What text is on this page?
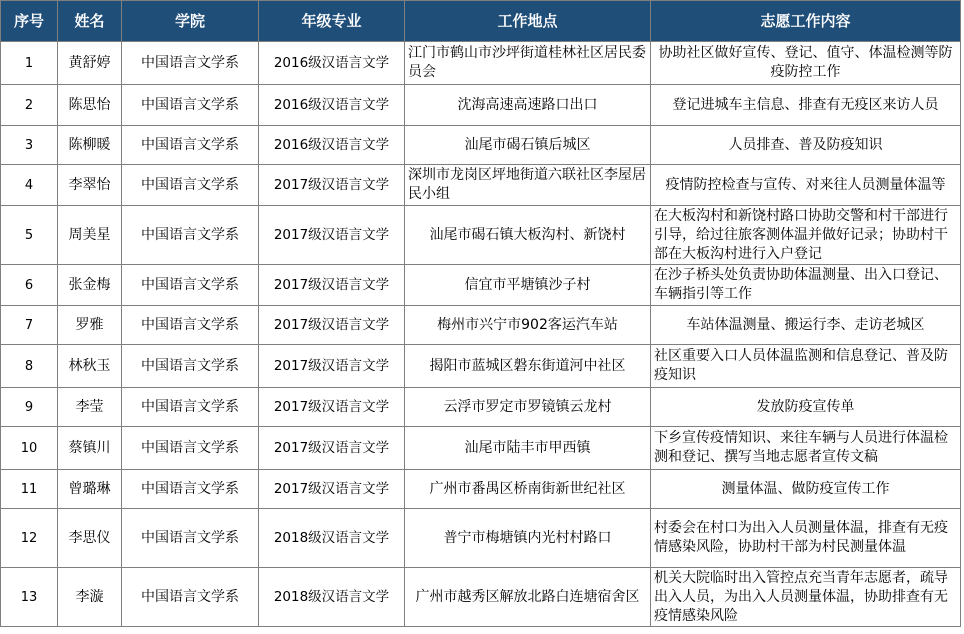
序号	姓名	学院	年级专业	工作地点	志愿工作内容
1	黄舒婷	中国语言文学系	2016级汉语言文学	江门市鹤山市沙坪街道桂林社区居民委员会	协助社区做好宣传、登记、值守、体温检测等防疫防控工作
2	陈思怡	中国语言文学系	2016级汉语言文学	沈海高速高速路口出口	登记进城车主信息、排查有无疫区来访人员
3	陈柳暖	中国语言文学系	2016级汉语言文学	汕尾市碣石镇后城区	人员排查、普及防疫知识
4	李翠怡	中国语言文学系	2017级汉语言文学	深圳市龙岗区坪地街道六联社区李屋居民小组	疫情防控检查与宣传、对来往人员测量体温等
5	周美星	中国语言文学系	2017级汉语言文学	汕尾市碣石镇大板沟村、新饶村	在大板沟村和新饶村路口协助交警和村干部进行引导，给过往旅客测体温并做好记录；协助村干部在大板沟村进行入户登记
6	张金梅	中国语言文学系	2017级汉语言文学	信宜市平塘镇沙子村	在沙子桥头处负责协助体温测量、出入口登记、车辆指引等工作
7	罗雅	中国语言文学系	2017级汉语言文学	梅州市兴宁市902客运汽车站	车站体温测量、搬运行李、走访老城区
8	林秋玉	中国语言文学系	2017级汉语言文学	揭阳市蓝城区磐东街道河中社区	社区重要入口人员体温监测和信息登记、普及防疫知识
9	李莹	中国语言文学系	2017级汉语言文学	云浮市罗定市罗镜镇云龙村	发放防疫宣传单
10	蔡镇川	中国语言文学系	2017级汉语言文学	汕尾市陆丰市甲西镇	下乡宣传疫情知识、来往车辆与人员进行体温检测和登记、撰写当地志愿者宣传文稿
11	曾璐琳	中国语言文学系	2017级汉语言文学	广州市番禺区桥南街新世纪社区	测量体温、做防疫宣传工作
12	李思仪	中国语言文学系	2018级汉语言文学	普宁市梅塘镇内光村村路口	村委会在村口为出入人员测量体温，排查有无疫情感染风险，协助村干部为村民测量体温
13	李漩	中国语言文学系	2018级汉语言文学	广州市越秀区解放北路白连塘宿舍区	机关大院临时出入管控点充当青年志愿者，疏导出入人员，为出入人员测量体温，协助排查有无疫情感染风险
